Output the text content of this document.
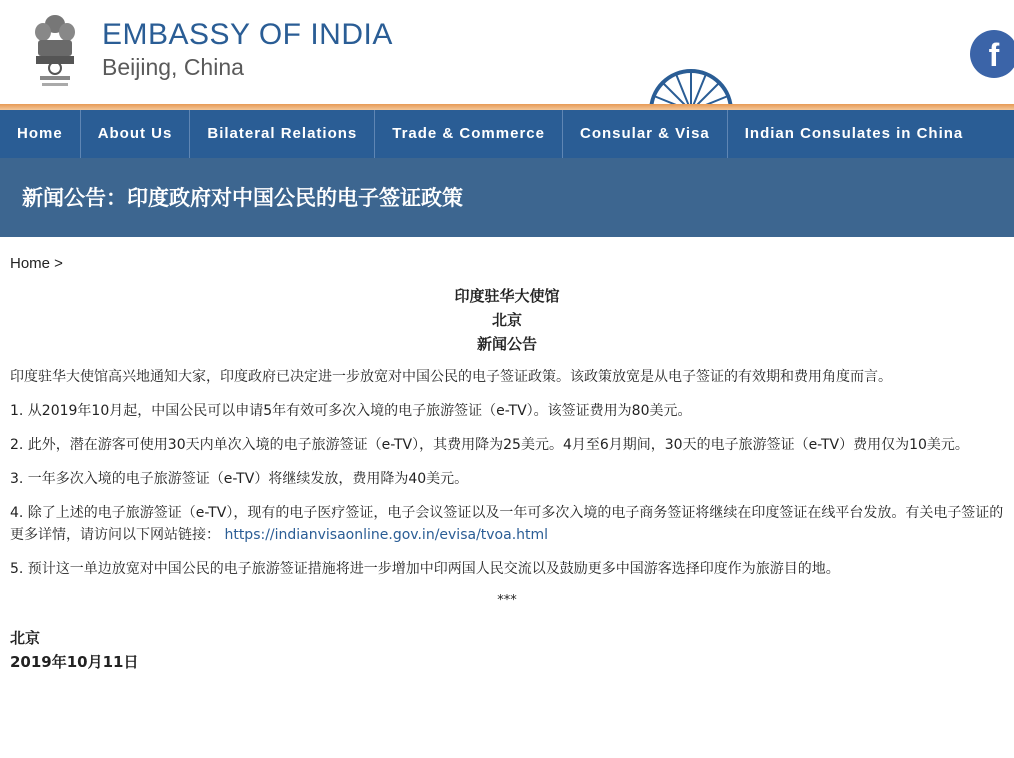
EMBASSY OF INDIA
Beijing, China	f
Home	About Us	Bilateral Relations	Trade & Commerce	Consular & Visa	Indian Consulates in China
新闻公告：印度政府对中国公民的电子签证政策
Home >
印度驻华大使馆
北京
新闻公告
印度驻华大使馆高兴地通知大家，印度政府已决定进一步放宽对中国公民的电子签证政策。该政策放宽是从电子签证的有效期和费用角度而言。
1. 从2019年10月起，中国公民可以申请5年有效可多次入境的电子旅游签证（e-TV）。该签证费用为80美元。
2. 此外，潜在游客可使用30天内单次入境的电子旅游签证（e-TV），其费用降为25美元。4月至6月期间，30天的电子旅游签证（e-TV）费用仅为10美元。
3. 一年多次入境的电子旅游签证（e-TV）将继续发放，费用降为40美元。
4. 除了上述的电子旅游签证（e-TV），现有的电子医疗签证，电子会议签证以及一年可多次入境的电子商务签证将继续在印度签证在线平台发放。有关电子签证的更多详情，请访问以下网站链接： https://indianvisaonline.gov.in/evisa/tvoa.html
5. 预计这一单边放宽对中国公民的电子旅游签证措施将进一步增加中印两国人民交流以及鼓励更多中国游客选择印度作为旅游目的地。
***
北京
2019年10月11日
